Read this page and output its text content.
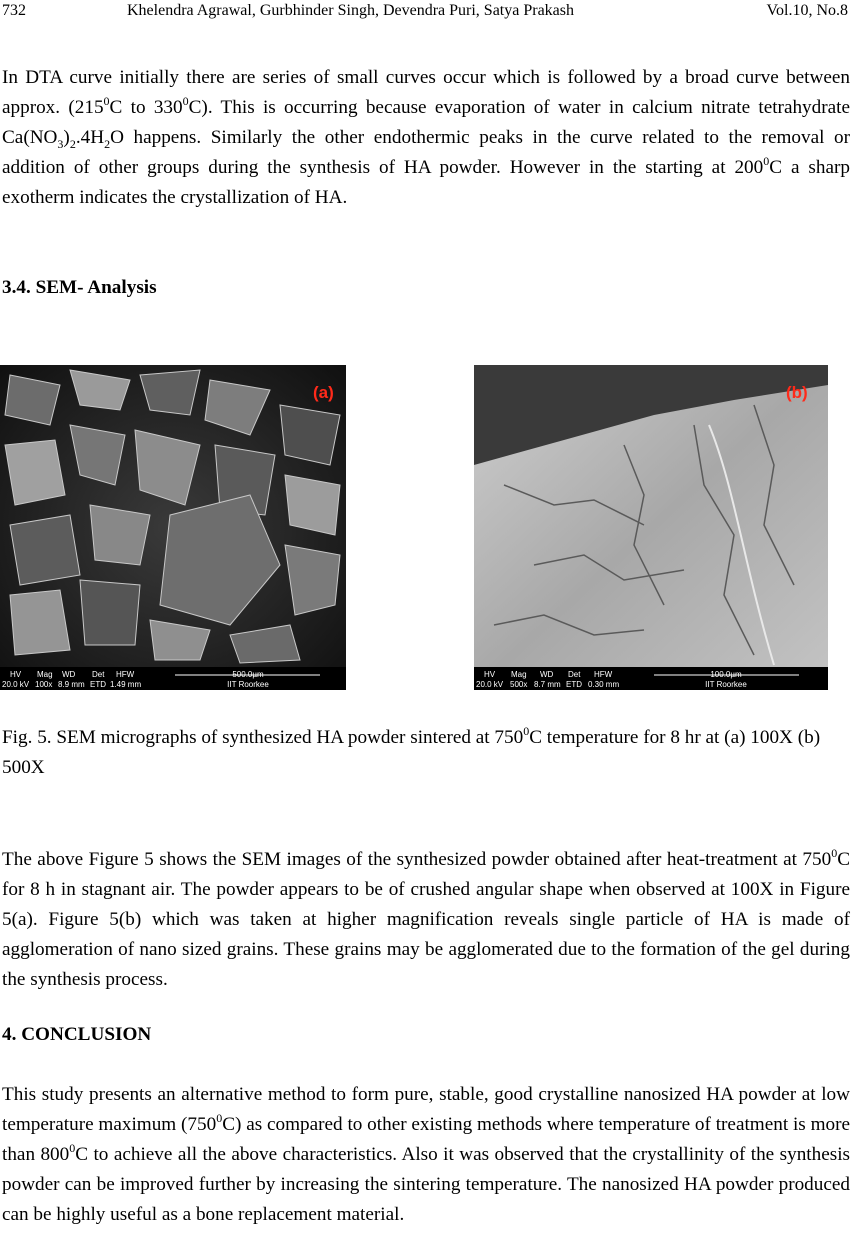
732	Khelendra Agrawal, Gurbhinder Singh, Devendra Puri, Satya Prakash	Vol.10, No.8

In DTA curve initially there are series of small curves occur which is followed by a broad curve between approx. ($215^0C$ to $330^0C$). This is occurring because evaporation of water in calcium nitrate tetrahydrate $Ca(NO_3)_2.4H_2O$ happens. Similarly the other endothermic peaks in the curve related to the removal or addition of other groups during the synthesis of HA powder. However in the starting at $200^0C$ a sharp exotherm indicates the crystallization of HA.

3.4. SEM- Analysis
(a)
HV Mag WD Det HFW
20.0 kV 100x 8.9 mm ETD 1.49 mm
500.0µm
IIT Roorkee
(b)
HV Mag WD Det HFW
20.0 kV 500x 8.7 mm ETD 0.30 mm
100.0µm
IIT Roorkee

Fig. 5. SEM micrographs of synthesized HA powder sintered at $750^0C$ temperature for 8 hr at (a) 100X (b) 500X

The above Figure 5 shows the SEM images of the synthesized powder obtained after heat-treatment at $750^0C$ for 8 h in stagnant air. The powder appears to be of crushed angular shape when observed at 100X in Figure 5(a). Figure 5(b) which was taken at higher magnification reveals single particle of HA is made of agglomeration of nano sized grains. These grains may be agglomerated due to the formation of the gel during the synthesis process.

4. CONCLUSION

This study presents an alternative method to form pure, stable, good crystalline nanosized HA powder at low temperature maximum $(750^0C)$ as compared to other existing methods where temperature of treatment is more than $800^0C$ to achieve all the above characteristics. Also it was observed that the crystallinity of the synthesis powder can be improved further by increasing the sintering temperature. The nanosized HA powder produced can be highly useful as a bone replacement material.
